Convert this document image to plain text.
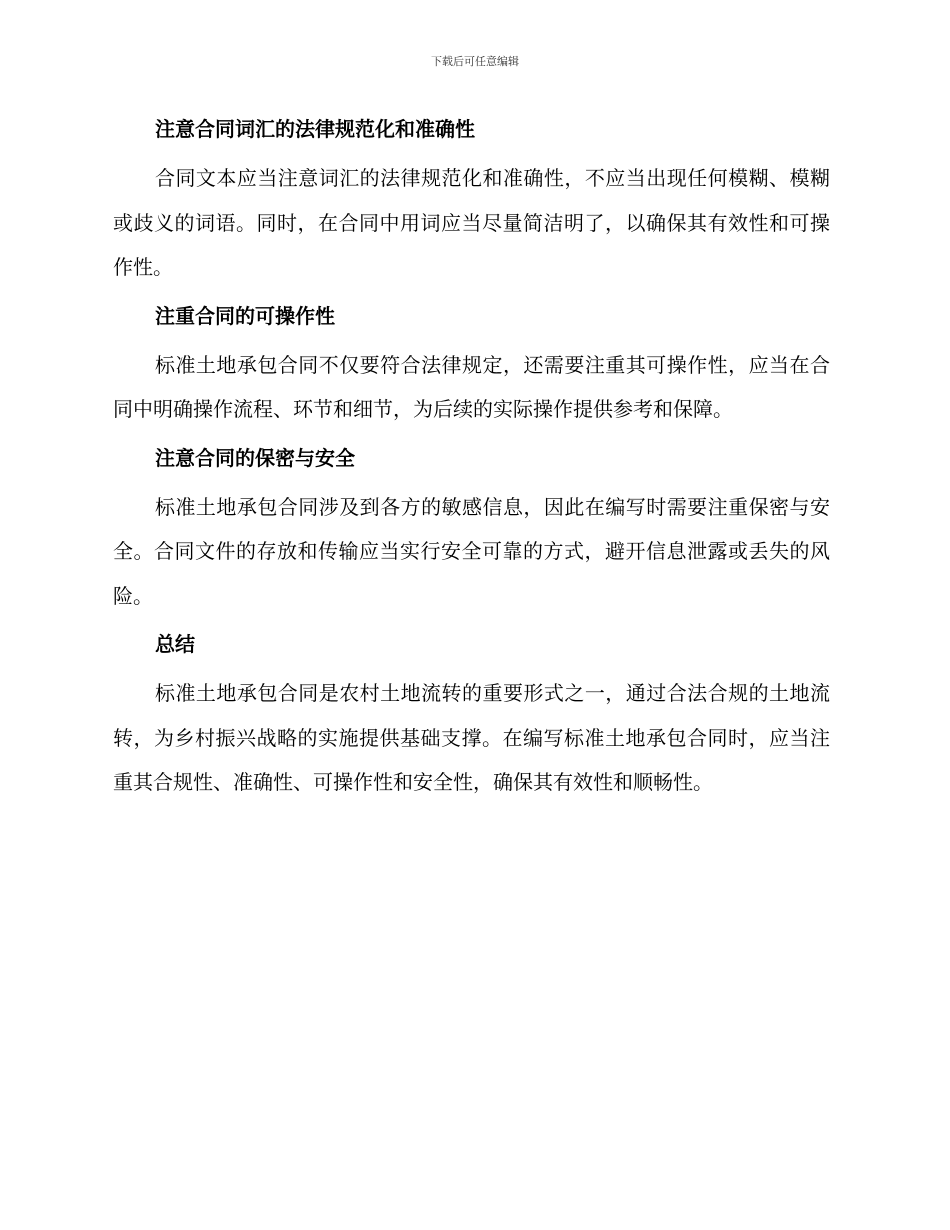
下载后可任意编辑
注意合同词汇的法律规范化和准确性

合同文本应当注意词汇的法律规范化和准确性，不应当出现任何模糊、模糊或歧义的词语。同时，在合同中用词应当尽量简洁明了，以确保其有效性和可操作性。

注重合同的可操作性

标准土地承包合同不仅要符合法律规定，还需要注重其可操作性，应当在合同中明确操作流程、环节和细节，为后续的实际操作提供参考和保障。

注意合同的保密与安全

标准土地承包合同涉及到各方的敏感信息，因此在编写时需要注重保密与安全。合同文件的存放和传输应当实行安全可靠的方式，避开信息泄露或丢失的风险。

总结

标准土地承包合同是农村土地流转的重要形式之一，通过合法合规的土地流转，为乡村振兴战略的实施提供基础支撑。在编写标准土地承包合同时，应当注重其合规性、准确性、可操作性和安全性，确保其有效性和顺畅性。
